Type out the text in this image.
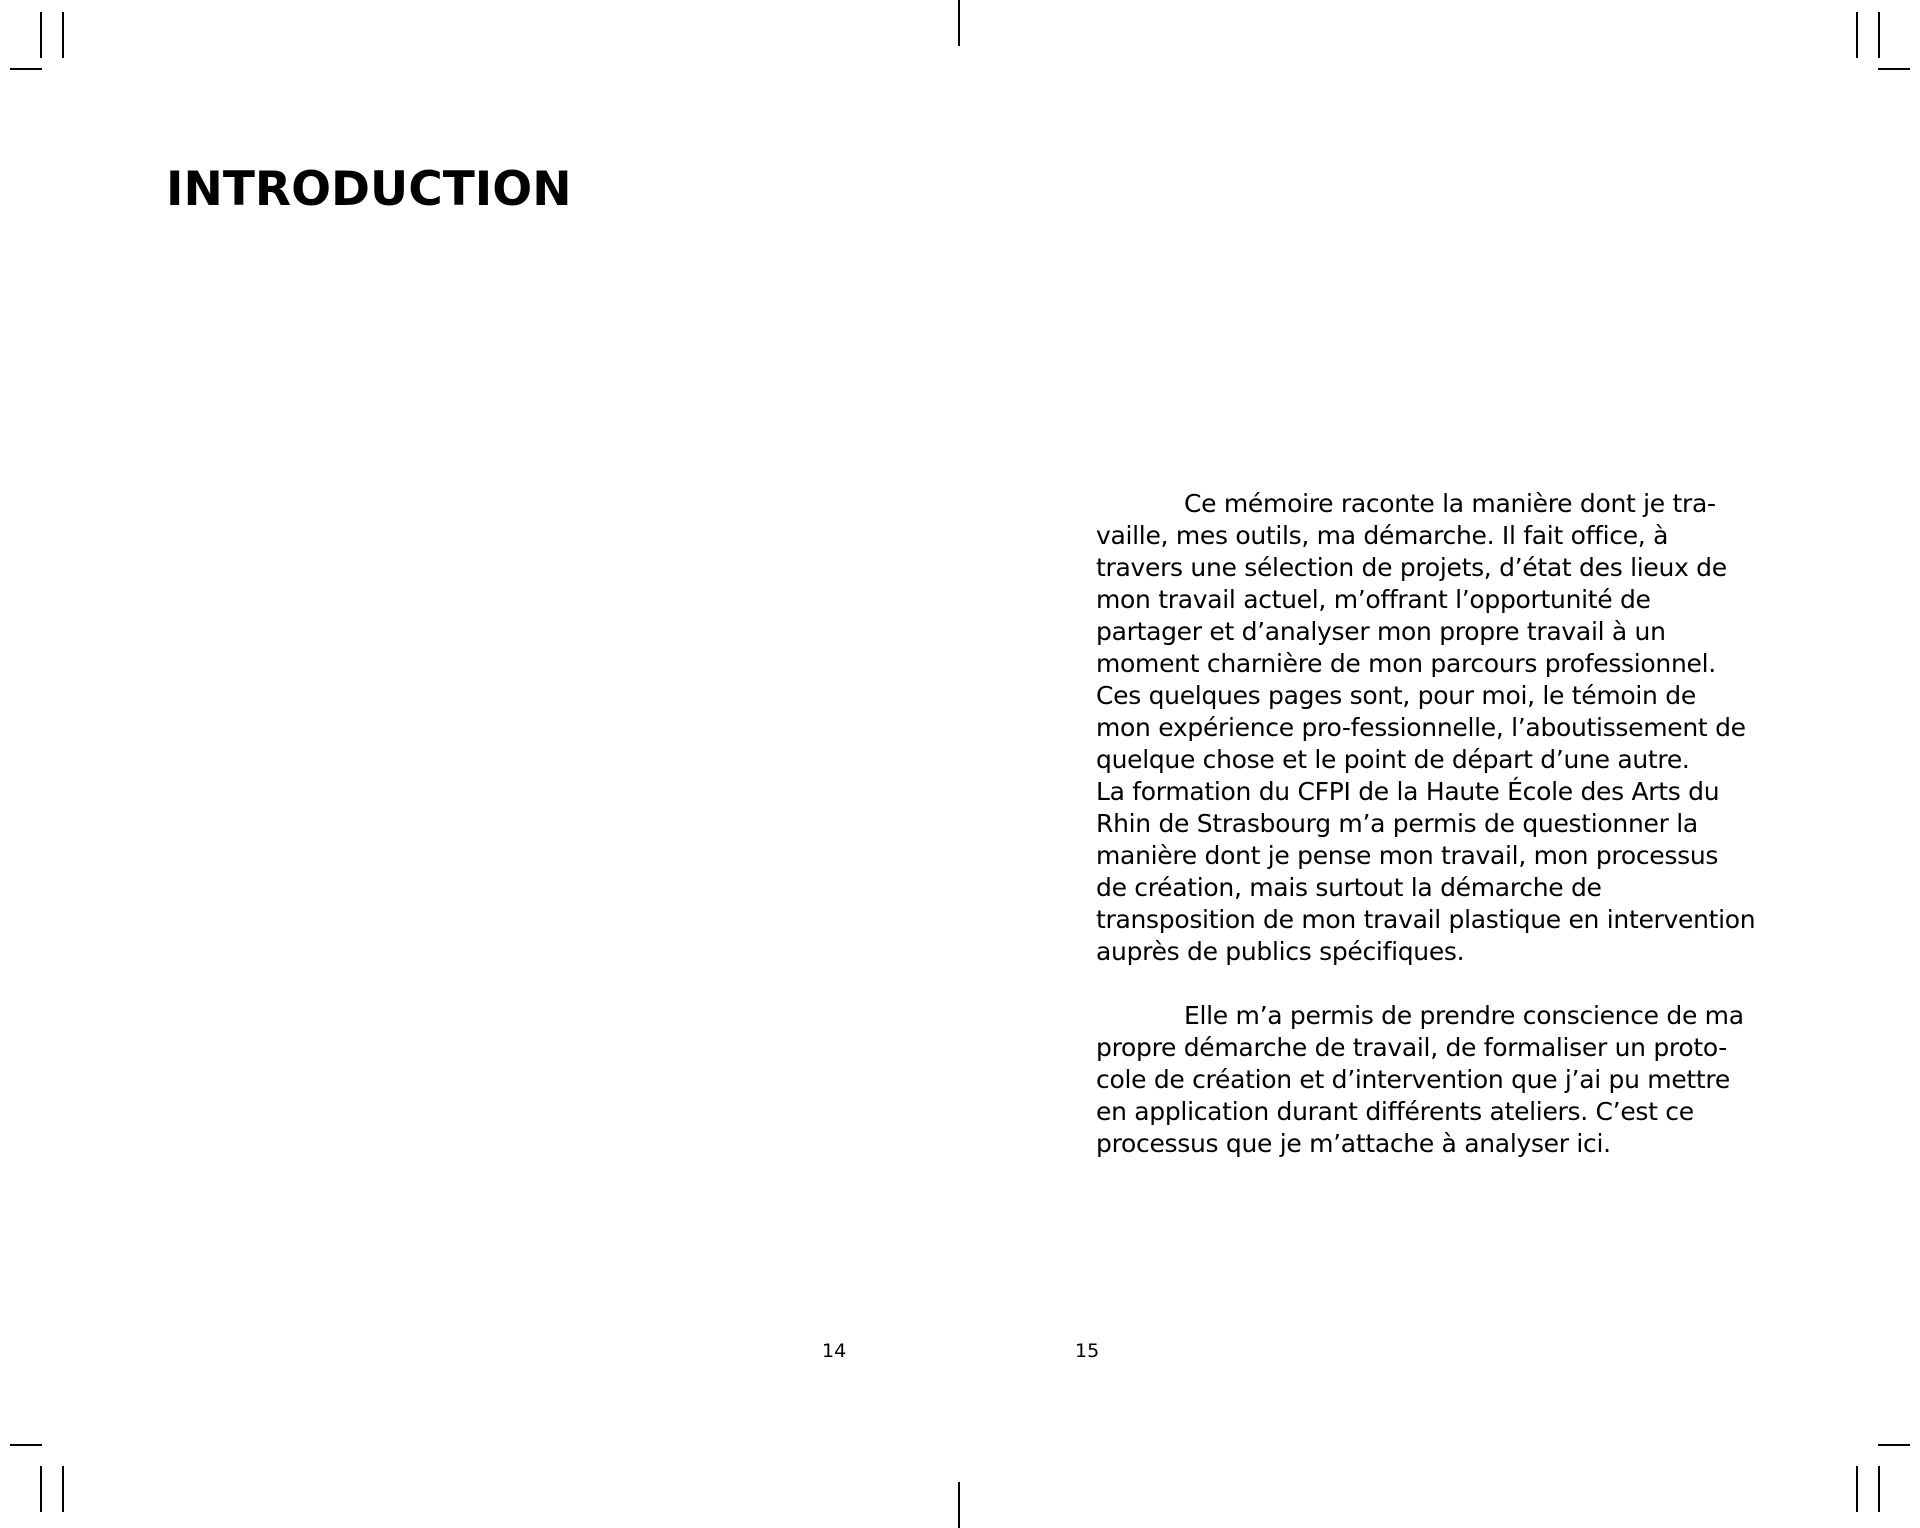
INTRODUCTION
14

Ce mémoire raconte la manière dont je tra-vaille, mes outils, ma démarche. Il fait office, à travers une sélection de projets, d’état des lieux de mon travail actuel, m’offrant l’opportunité de partager et d’analyser mon propre travail à un moment charnière de mon parcours professionnel. Ces quelques pages sont, pour moi, le témoin de mon expérience pro-fessionnelle, l’aboutissement de quelque chose et le point de départ d’une autre.

La formation du CFPI de la Haute École des Arts du Rhin de Strasbourg m’a permis de questionner la manière dont je pense mon travail, mon processus de création, mais surtout la démarche de transposition de mon travail plastique en intervention auprès de publics spécifiques.

Elle m’a permis de prendre conscience de ma propre démarche de travail, de formaliser un proto-cole de création et d’intervention que j’ai pu mettre en application durant différents ateliers. C’est ce processus que je m’attache à analyser ici.

15
